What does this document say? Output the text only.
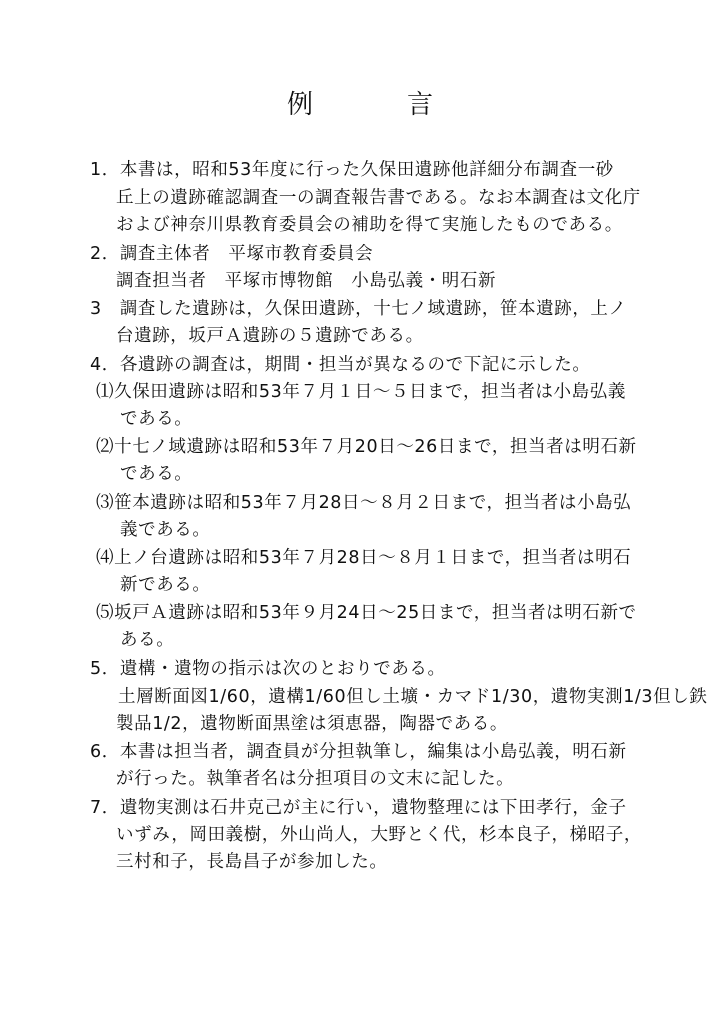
例　言
1．本書は，昭和53年度に行った久保田遺跡他詳細分布調査一砂
丘上の遺跡確認調査一の調査報告書である。なお本調査は文化庁
および神奈川県教育委員会の補助を得て実施したものである。
2．調査主体者　平塚市教育委員会
調査担当者　平塚市博物館　小島弘義・明石新
3　調査した遺跡は，久保田遺跡，十七ノ域遺跡，笹本遺跡，上ノ
台遺跡，坂戸Ａ遺跡の５遺跡である。
4．各遺跡の調査は，期間・担当が異なるので下記に示した。
⑴久保田遺跡は昭和53年７月１日～５日まで，担当者は小島弘義
である。
⑵十七ノ域遺跡は昭和53年７月20日～26日まで，担当者は明石新
である。
⑶笹本遺跡は昭和53年７月28日～８月２日まで，担当者は小島弘
義である。
⑷上ノ台遺跡は昭和53年７月28日～８月１日まで，担当者は明石
新である。
⑸坂戸Ａ遺跡は昭和53年９月24日～25日まで，担当者は明石新で
ある。
5．遺構・遺物の指示は次のとおりである。
土層断面図1/60，遺構1/60但し土壙・カマド1/30，遺物実測1/3但し鉄
製品1/2，遺物断面黒塗は須恵器，陶器である。
6．本書は担当者，調査員が分担執筆し，編集は小島弘義，明石新
が行った。執筆者名は分担項目の文末に記した。
7．遺物実測は石井克己が主に行い，遺物整理には下田孝行，金子
いずみ，岡田義樹，外山尚人，大野とく代，杉本良子，梯昭子，
三村和子，長島昌子が参加した。
